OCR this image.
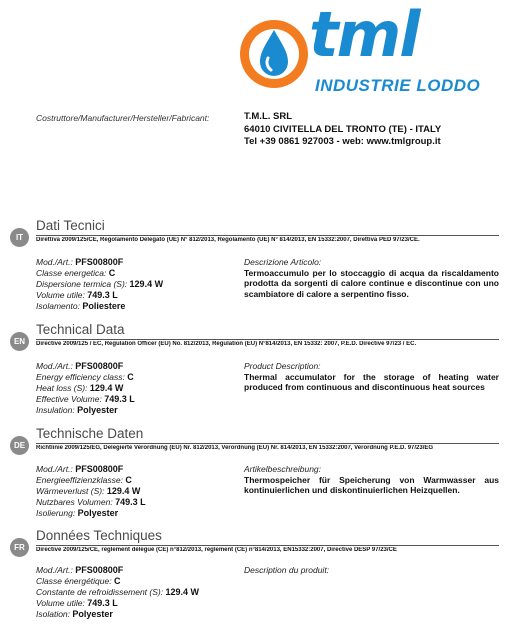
tml
INDUSTRIE LODDO
Costruttore/Manufacturer/Hersteller/Fabricant:	T.M.L. SRL
64010 CIVITELLA DEL TRONTO (TE) - ITALY
Tel +39 0861 927003 - web: www.tmlgroup.it
IT
Dati Tecnici
Direttiva 2009/125/CE, Regolamento Delegato (UE) N° 812/2013, Regolamento (UE) N° 814/2013, EN 15332:2007, Direttiva PED 97/23/CE.
Mod./Art.: PFS00800F
Classe energetica: C
Dispersione termica (S): 129.4 W
Volume utile: 749.3 L
Isolamento: Poliestere
Descrizione Articolo:
Termoaccumulo per lo stoccaggio di acqua da riscaldamento prodotta da sorgenti di calore continue e discontinue con uno scambiatore di calore a serpentino fisso.
EN
Technical Data
Directive 2009/125 / EC, Regulation Officer (EU) No. 812/2013, Regulation (EU) N°814/2013, EN 15332: 2007, P.E.D. Directive 97/23 / EC.
Mod./Art.: PFS00800F
Energy efficiency class: C
Heat loss (S): 129.4 W
Effective Volume: 749.3 L
Insulation: Polyester
Product Description:
Thermal accumulator for the storage of heating water produced from continuous and discontinuous heat sources
DE
Technische Daten
Richtlinie 2009/125/EG, Delegierte Verordnung (EU) Nr. 812/2013, Verordnung (EU) Nr. 814/2013, EN 15332:2007, Verordnung P.E.D. 97/23/EG
Mod./Art.: PFS00800F
Energieeffizienzklasse: C
Wärmeverlust (S): 129.4 W
Nutzbares Volumen: 749.3 L
Isolierung: Polyester
Artikelbeschreibung:
Thermospeicher für Speicherung von Warmwasser aus kontinuierlichen und diskontinuierlichen Heizquellen.
FR
Données Techniques
Directive 2009/125/CE, règlement délégué (CE) n°812/2013, règlement (CE) n°814/2013, EN15332:2007, Directive DESP 97/23/CE
Mod./Art.: PFS00800F
Classe énergétique: C
Constante de refroidissement (S): 129.4 W
Volume utile: 749.3 L
Isolation: Polyester
Description du produit:
